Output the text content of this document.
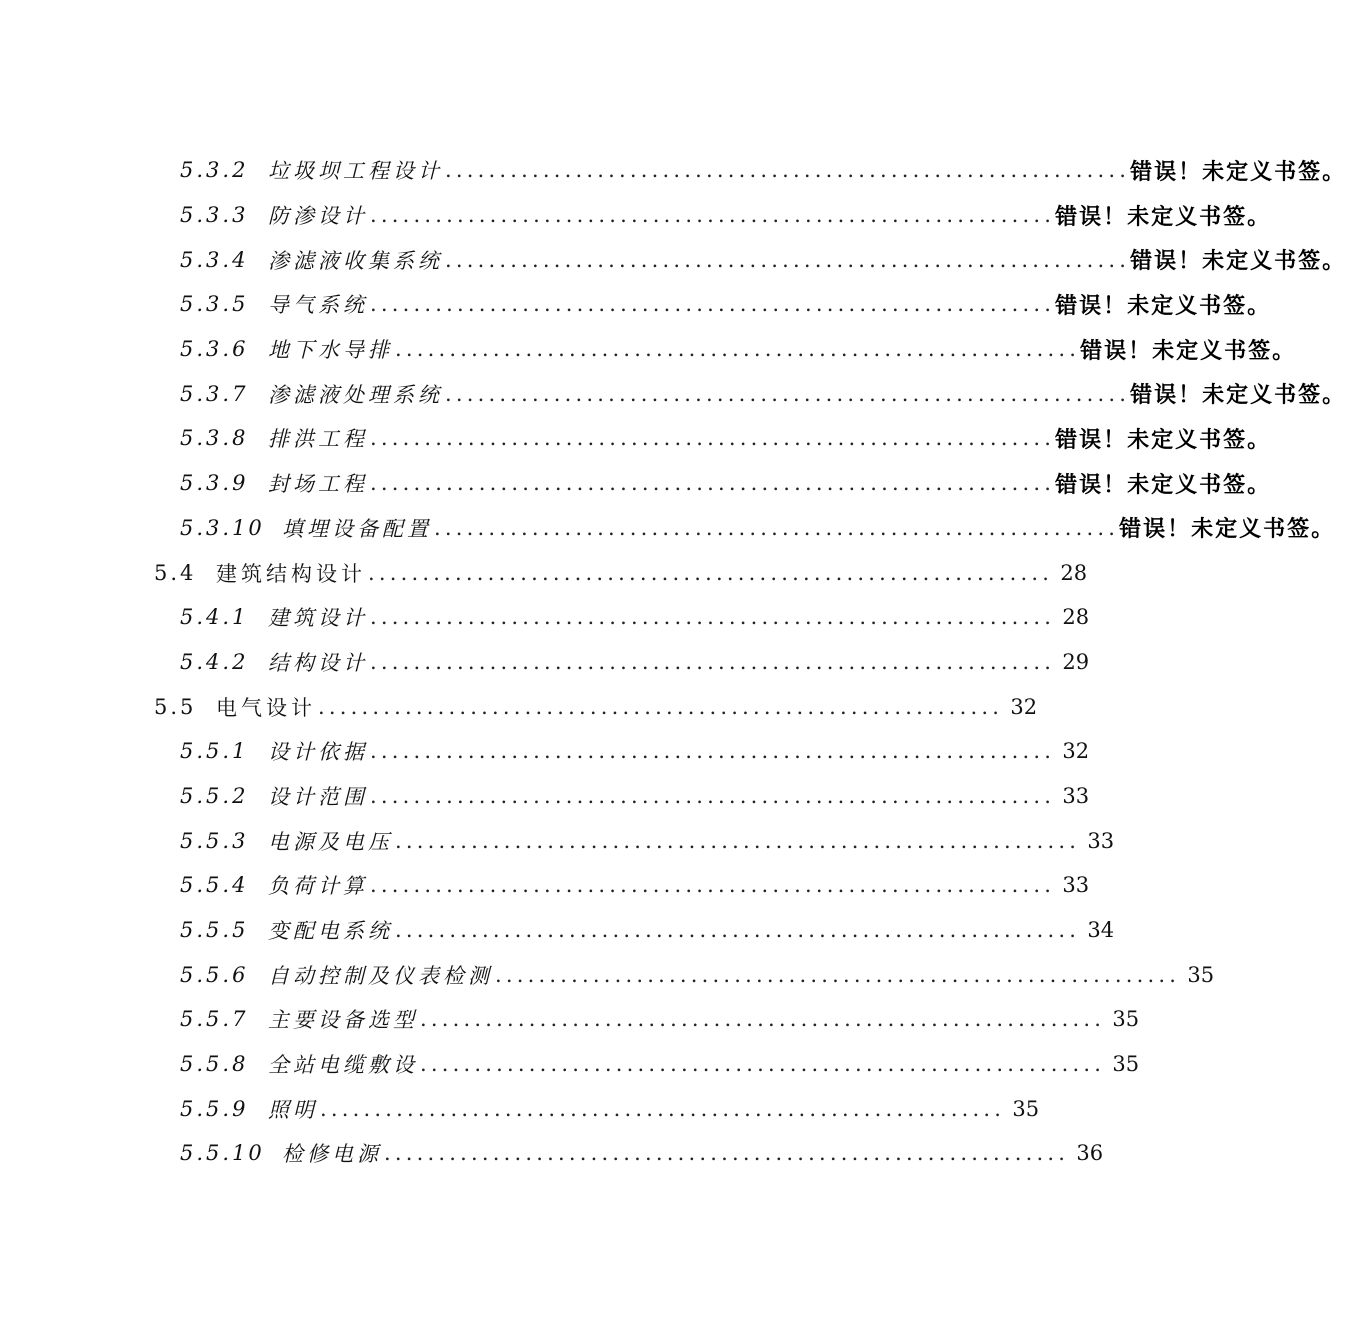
5.3.2 垃圾坝工程设计 ............................................................... 错误！未定义书签。
5.3.3 防渗设计 ............................................................... 错误！未定义书签。
5.3.4 渗滤液收集系统 ............................................................... 错误！未定义书签。
5.3.5 导气系统 ............................................................... 错误！未定义书签。
5.3.6 地下水导排 ............................................................... 错误！未定义书签。
5.3.7 渗滤液处理系统 ............................................................... 错误！未定义书签。
5.3.8 排洪工程 ............................................................... 错误！未定义书签。
5.3.9 封场工程 ............................................................... 错误！未定义书签。
5.3.10 填埋设备配置 ............................................................... 错误！未定义书签。
5.4 建筑结构设计 ............................................................... 28
5.4.1 建筑设计 ............................................................... 28
5.4.2 结构设计 ............................................................... 29
5.5 电气设计 ............................................................... 32
5.5.1 设计依据 ............................................................... 32
5.5.2 设计范围 ............................................................... 33
5.5.3 电源及电压 ............................................................... 33
5.5.4 负荷计算 ............................................................... 33
5.5.5 变配电系统 ............................................................... 34
5.5.6 自动控制及仪表检测 ............................................................... 35
5.5.7 主要设备选型 ............................................................... 35
5.5.8 全站电缆敷设 ............................................................... 35
5.5.9 照明 ............................................................... 35
5.5.10 检修电源 ............................................................... 36
